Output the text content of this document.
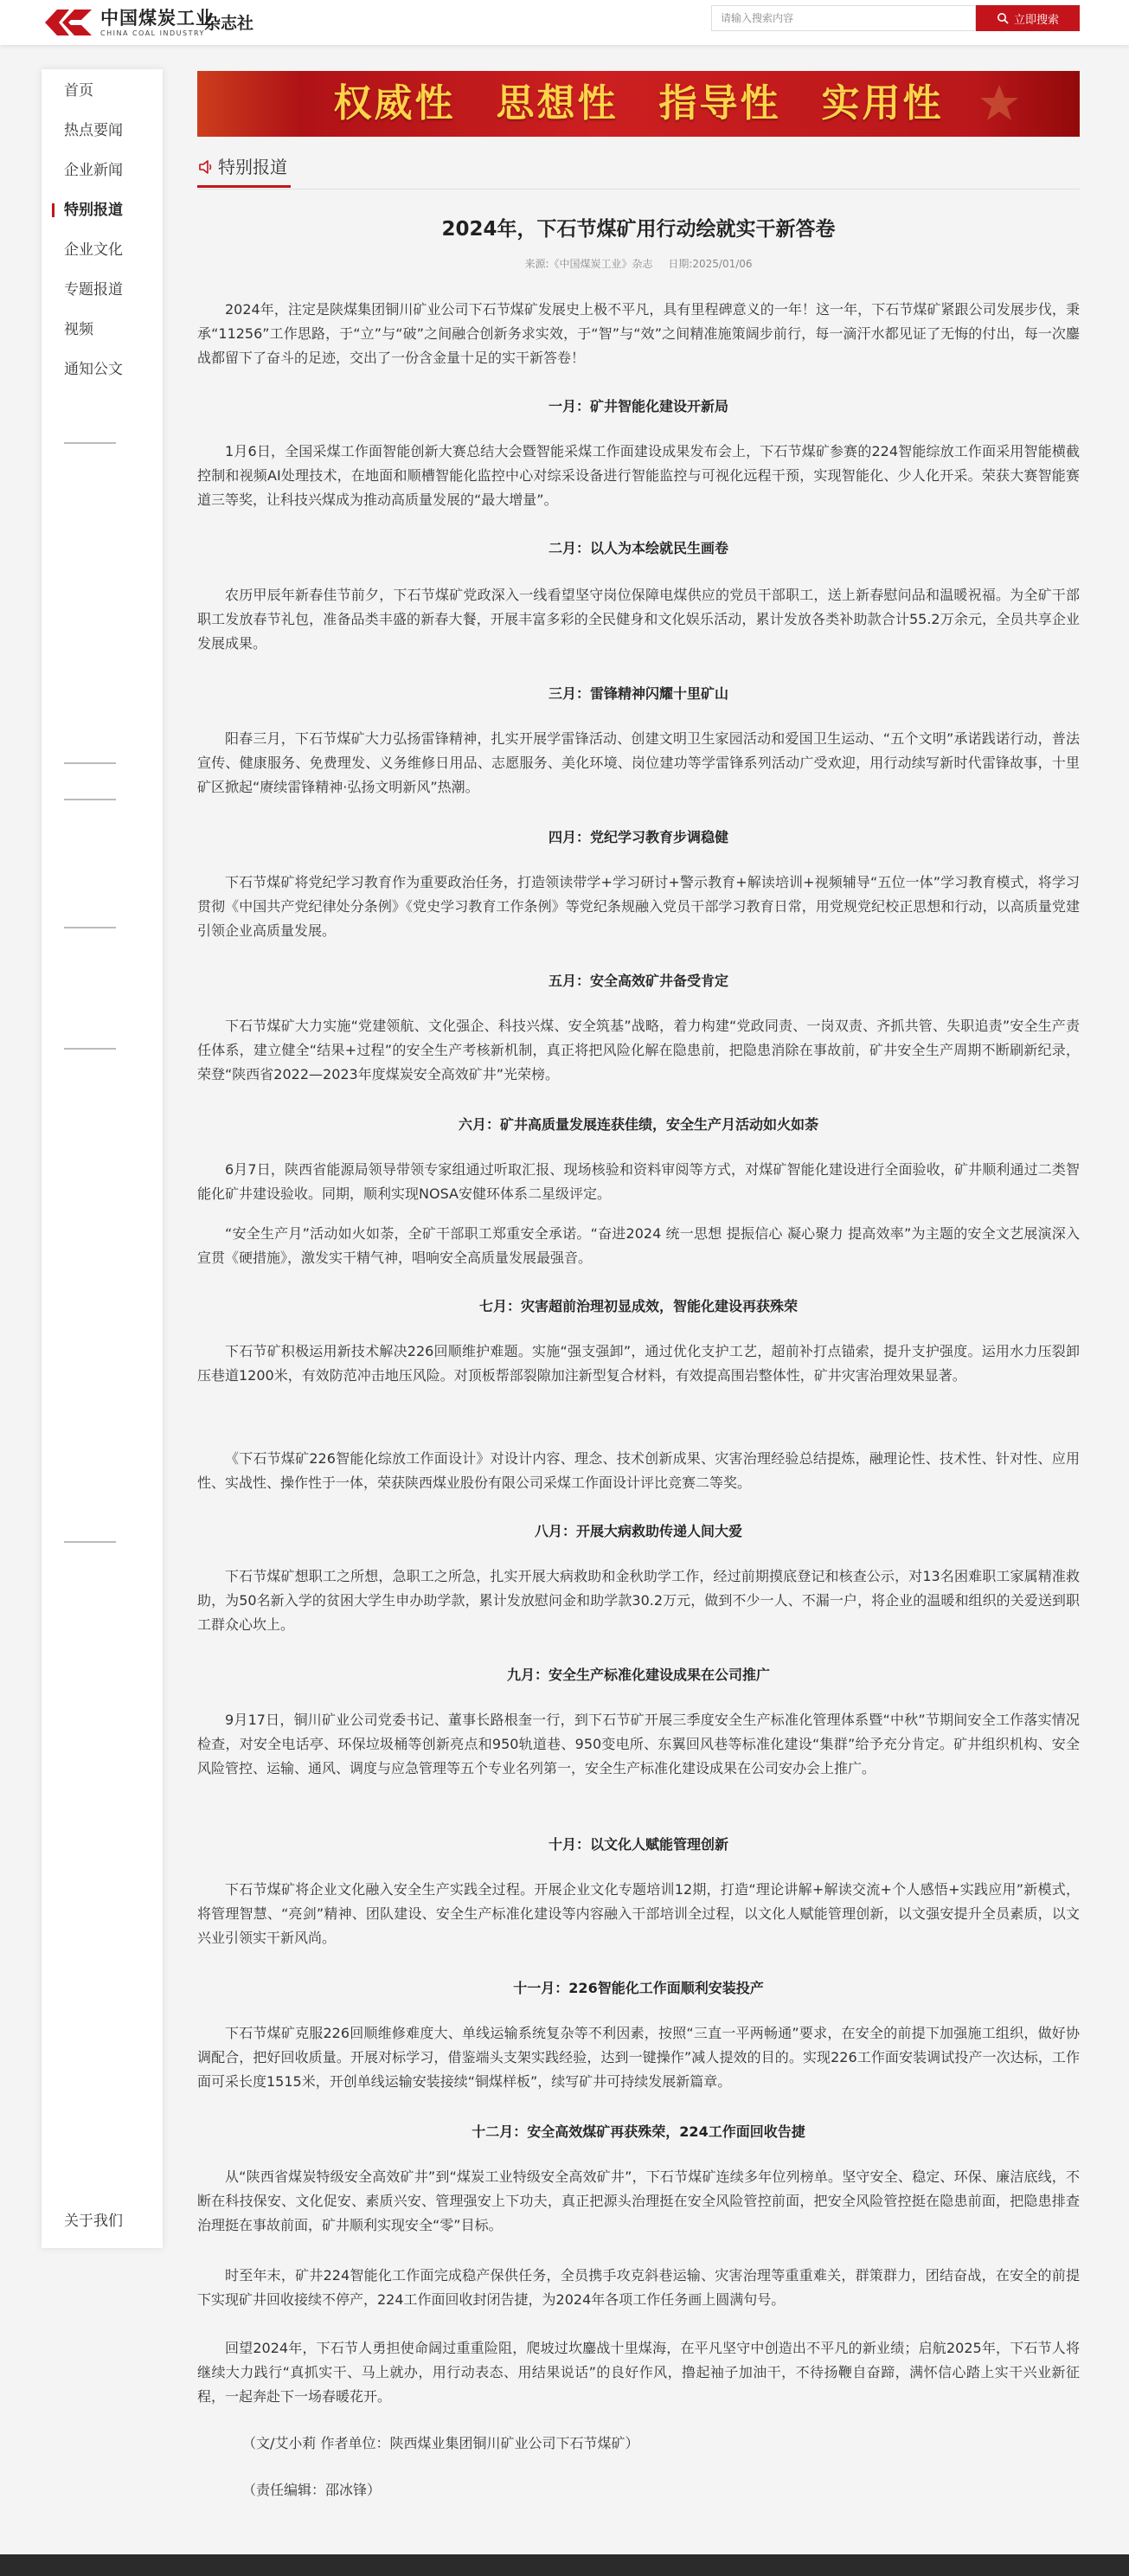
中国煤炭工业
CHINA COAL INDUSTRY 杂志社
请输入搜索内容	立即搜索
首页
热点要闻
企业新闻
特别报道
企业文化
专题报道
视频
通知公文
关于我们
权威性　思想性　指导性　实用性
特别报道
2024年，下石节煤矿用行动绘就实干新答卷
来源:《中国煤炭工业》杂志 日期:2025/01/06

2024年，注定是陕煤集团铜川矿业公司下石节煤矿发展史上极不平凡，具有里程碑意义的一年！这一年，下石节煤矿紧跟公司发展步伐，秉承“11256”工作思路，于“立”与“破”之间融合创新务求实效，于“智”与“效”之间精准施策阔步前行，每一滴汗水都见证了无悔的付出，每一次鏖战都留下了奋斗的足迹，交出了一份含金量十足的实干新答卷！

一月：矿井智能化建设开新局

1月6日，全国采煤工作面智能创新大赛总结大会暨智能采煤工作面建设成果发布会上，下石节煤矿参赛的224智能综放工作面采用智能横截控制和视频AI处理技术，在地面和顺槽智能化监控中心对综采设备进行智能监控与可视化远程干预，实现智能化、少人化开采。荣获大赛智能赛道三等奖，让科技兴煤成为推动高质量发展的“最大增量”。

二月：以人为本绘就民生画卷

农历甲辰年新春佳节前夕，下石节煤矿党政深入一线看望坚守岗位保障电煤供应的党员干部职工，送上新春慰问品和温暖祝福。为全矿干部职工发放春节礼包，准备品类丰盛的新春大餐，开展丰富多彩的全民健身和文化娱乐活动，累计发放各类补助款合计55.2万余元，全员共享企业发展成果。

三月：雷锋精神闪耀十里矿山

阳春三月，下石节煤矿大力弘扬雷锋精神，扎实开展学雷锋活动、创建文明卫生家园活动和爱国卫生运动、“五个文明”承诺践诺行动，普法宣传、健康服务、免费理发、义务维修日用品、志愿服务、美化环境、岗位建功等学雷锋系列活动广受欢迎，用行动续写新时代雷锋故事，十里矿区掀起“赓续雷锋精神·弘扬文明新风”热潮。

四月：党纪学习教育步调稳健

下石节煤矿将党纪学习教育作为重要政治任务，打造领读带学+学习研讨+警示教育+解读培训+视频辅导“五位一体”学习教育模式，将学习贯彻《中国共产党纪律处分条例》《党史学习教育工作条例》等党纪条规融入党员干部学习教育日常，用党规党纪校正思想和行动，以高质量党建引领企业高质量发展。

五月：安全高效矿井备受肯定

下石节煤矿大力实施“党建领航、文化强企、科技兴煤、安全筑基”战略，着力构建“党政同责、一岗双责、齐抓共管、失职追责”安全生产责任体系，建立健全“结果+过程”的安全生产考核新机制，真正将把风险化解在隐患前，把隐患消除在事故前，矿井安全生产周期不断刷新纪录，荣登“陕西省2022—2023年度煤炭安全高效矿井”光荣榜。

六月：矿井高质量发展连获佳绩，安全生产月活动如火如荼

6月7日，陕西省能源局领导带领专家组通过听取汇报、现场核验和资料审阅等方式，对煤矿智能化建设进行全面验收，矿井顺利通过二类智能化矿井建设验收。同期，顺利实现NOSA安健环体系二星级评定。

“安全生产月”活动如火如荼，全矿干部职工郑重安全承诺。“奋进2024 统一思想 提振信心 凝心聚力 提高效率”为主题的安全文艺展演深入宣贯《硬措施》，激发实干精气神，唱响安全高质量发展最强音。

七月：灾害超前治理初显成效，智能化建设再获殊荣

下石节矿积极运用新技术解决226回顺维护难题。实施“强支强卸”，通过优化支护工艺，超前补打点锚索，提升支护强度。运用水力压裂卸压巷道1200米，有效防范冲击地压风险。对顶板帮部裂隙加注新型复合材料，有效提高围岩整体性，矿井灾害治理效果显著。

《下石节煤矿226智能化综放工作面设计》对设计内容、理念、技术创新成果、灾害治理经验总结提炼，融理论性、技术性、针对性、应用性、实战性、操作性于一体，荣获陕西煤业股份有限公司采煤工作面设计评比竞赛二等奖。

八月：开展大病救助传递人间大爱

下石节煤矿想职工之所想，急职工之所急，扎实开展大病救助和金秋助学工作，经过前期摸底登记和核查公示，对13名困难职工家属精准救助，为50名新入学的贫困大学生申办助学款，累计发放慰问金和助学款30.2万元，做到不少一人、不漏一户，将企业的温暖和组织的关爱送到职工群众心坎上。

九月：安全生产标准化建设成果在公司推广

9月17日，铜川矿业公司党委书记、董事长路根奎一行，到下石节矿开展三季度安全生产标准化管理体系暨“中秋”节期间安全工作落实情况检查，对安全电话亭、环保垃圾桶等创新亮点和950轨道巷、950变电所、东翼回风巷等标准化建设“集群”给予充分肯定。矿井组织机构、安全风险管控、运输、通风、调度与应急管理等五个专业名列第一，安全生产标准化建设成果在公司安办会上推广。

十月：以文化人赋能管理创新

下石节煤矿将企业文化融入安全生产实践全过程。开展企业文化专题培训12期，打造“理论讲解+解读交流+个人感悟+实践应用”新模式，将管理智慧、“亮剑”精神、团队建设、安全生产标准化建设等内容融入干部培训全过程，以文化人赋能管理创新，以文强安提升全员素质，以文兴业引领实干新风尚。

十一月：226智能化工作面顺利安装投产

下石节煤矿克服226回顺维修难度大、单线运输系统复杂等不利因素，按照“三直一平两畅通”要求，在安全的前提下加强施工组织，做好协调配合，把好回收质量。开展对标学习，借鉴端头支架实践经验，达到一键操作”减人提效的目的。实现226工作面安装调试投产一次达标，工作面可采长度1515米，开创单线运输安装接续“铜煤样板”，续写矿井可持续发展新篇章。

十二月：安全高效煤矿再获殊荣，224工作面回收告捷

从“陕西省煤炭特级安全高效矿井”到“煤炭工业特级安全高效矿井”，下石节煤矿连续多年位列榜单。坚守安全、稳定、环保、廉洁底线，不断在科技保安、文化促安、素质兴安、管理强安上下功夫，真正把源头治理挺在安全风险管控前面，把安全风险管控挺在隐患前面，把隐患排查治理挺在事故前面，矿井顺利实现安全“零”目标。

时至年末，矿井224智能化工作面完成稳产保供任务，全员携手攻克斜巷运输、灾害治理等重重难关，群策群力，团结奋战，在安全的前提下实现矿井回收接续不停产，224工作面回收封闭告捷，为2024年各项工作任务画上圆满句号。

回望2024年，下石节人勇担使命阔过重重险阻，爬坡过坎鏖战十里煤海，在平凡坚守中创造出不平凡的新业绩；启航2025年，下石节人将继续大力践行“真抓实干、马上就办，用行动表态、用结果说话”的良好作风，撸起袖子加油干，不待扬鞭自奋蹄，满怀信心踏上实干兴业新征程，一起奔赴下一场春暖花开。

（文/艾小莉 作者单位：陕西煤业集团铜川矿业公司下石节煤矿）
（责任编辑：邵冰锋）
